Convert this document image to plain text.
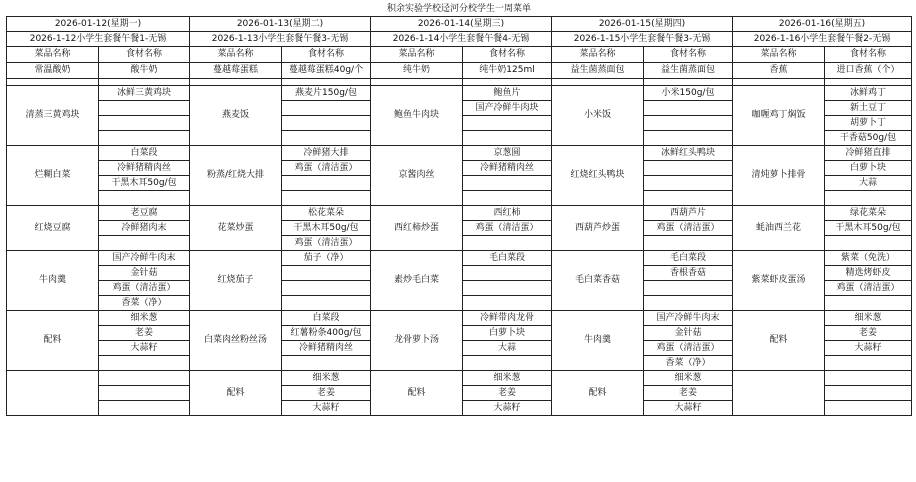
积余实验学校迳河分校学生一周菜单									
2026-01-12(星期一)		2026-01-13(星期二)		2026-01-14(星期三)		2026-01-15(星期四)		2026-01-16(星期五)	
2026-1-12小学生套餐午餐1-无锡		2026-1-13小学生套餐午餐3-无锡		2026-1-14小学生套餐午餐4-无锡		2026-1-15小学生套餐午餐3-无锡		2026-1-16小学生套餐午餐2-无锡	
菜品名称	食材名称	菜品名称	食材名称	菜品名称	食材名称	菜品名称	食材名称	菜品名称	食材名称
常温酸奶	酸牛奶	蔓越莓蛋糕	蔓越莓蛋糕40g/个	纯牛奶	纯牛奶125ml	益生菌蒸面包	益生菌蒸面包	香蕉	进口香蕉（个）

清蒸三黄鸡块	冰鲜三黄鸡块	燕麦饭	燕麦片150g/包	鲍鱼牛肉块	鲍鱼片	小米饭	小米150g/包	咖喱鸡丁焖饭	冰鲜鸡丁
					国产冷鲜牛肉块				新土豆丁
									胡萝卜丁
									干香菇50g/包
烂糊白菜	白菜段	粉蒸/红烧大排	冷鲜猪大排	京酱肉丝	京葱圆	红烧红头鸭块	冰鲜红头鸭块	清炖萝卜排骨	冷鲜猪直排
	冷鲜猪精肉丝		鸡蛋（清洁蛋）		冷鲜猪精肉丝				白萝卜块
	干黑木耳50g/包								大蒜

红烧豆腐	老豆腐	花菜炒蛋	松花菜朵	西红柿炒蛋	西红柿	西葫芦炒蛋	西葫芦片	蚝油西兰花	绿花菜朵
	冷鲜猪肉末		干黑木耳50g/包		鸡蛋（清洁蛋）		鸡蛋（清洁蛋）		干黑木耳50g/包
			鸡蛋（清洁蛋）						
牛肉羹	国产冷鲜牛肉末	红烧茄子	茄子（净）	素炒毛白菜	毛白菜段	毛白菜香菇	毛白菜段	紫菜虾皮蛋汤	紫菜（免洗）
	金针菇						香根香菇		精选烤虾皮
	鸡蛋（清洁蛋）								鸡蛋（清洁蛋）
	香菜（净）								
配料	细米葱	白菜肉丝粉丝汤	白菜段	龙骨萝卜汤	冷鲜带肉龙骨	牛肉羹	国产冷鲜牛肉末	配料	细米葱
	老姜		红薯粉条400g/包		白萝卜块		金针菇		老姜
	大蒜籽		冷鲜猪精肉丝		大蒜		鸡蛋（清洁蛋）		大蒜籽
							香菜（净）		
		配料	细米葱	配料	细米葱	配料	细米葱		
			老姜		老姜		老姜		
			大蒜籽		大蒜籽		大蒜籽		
